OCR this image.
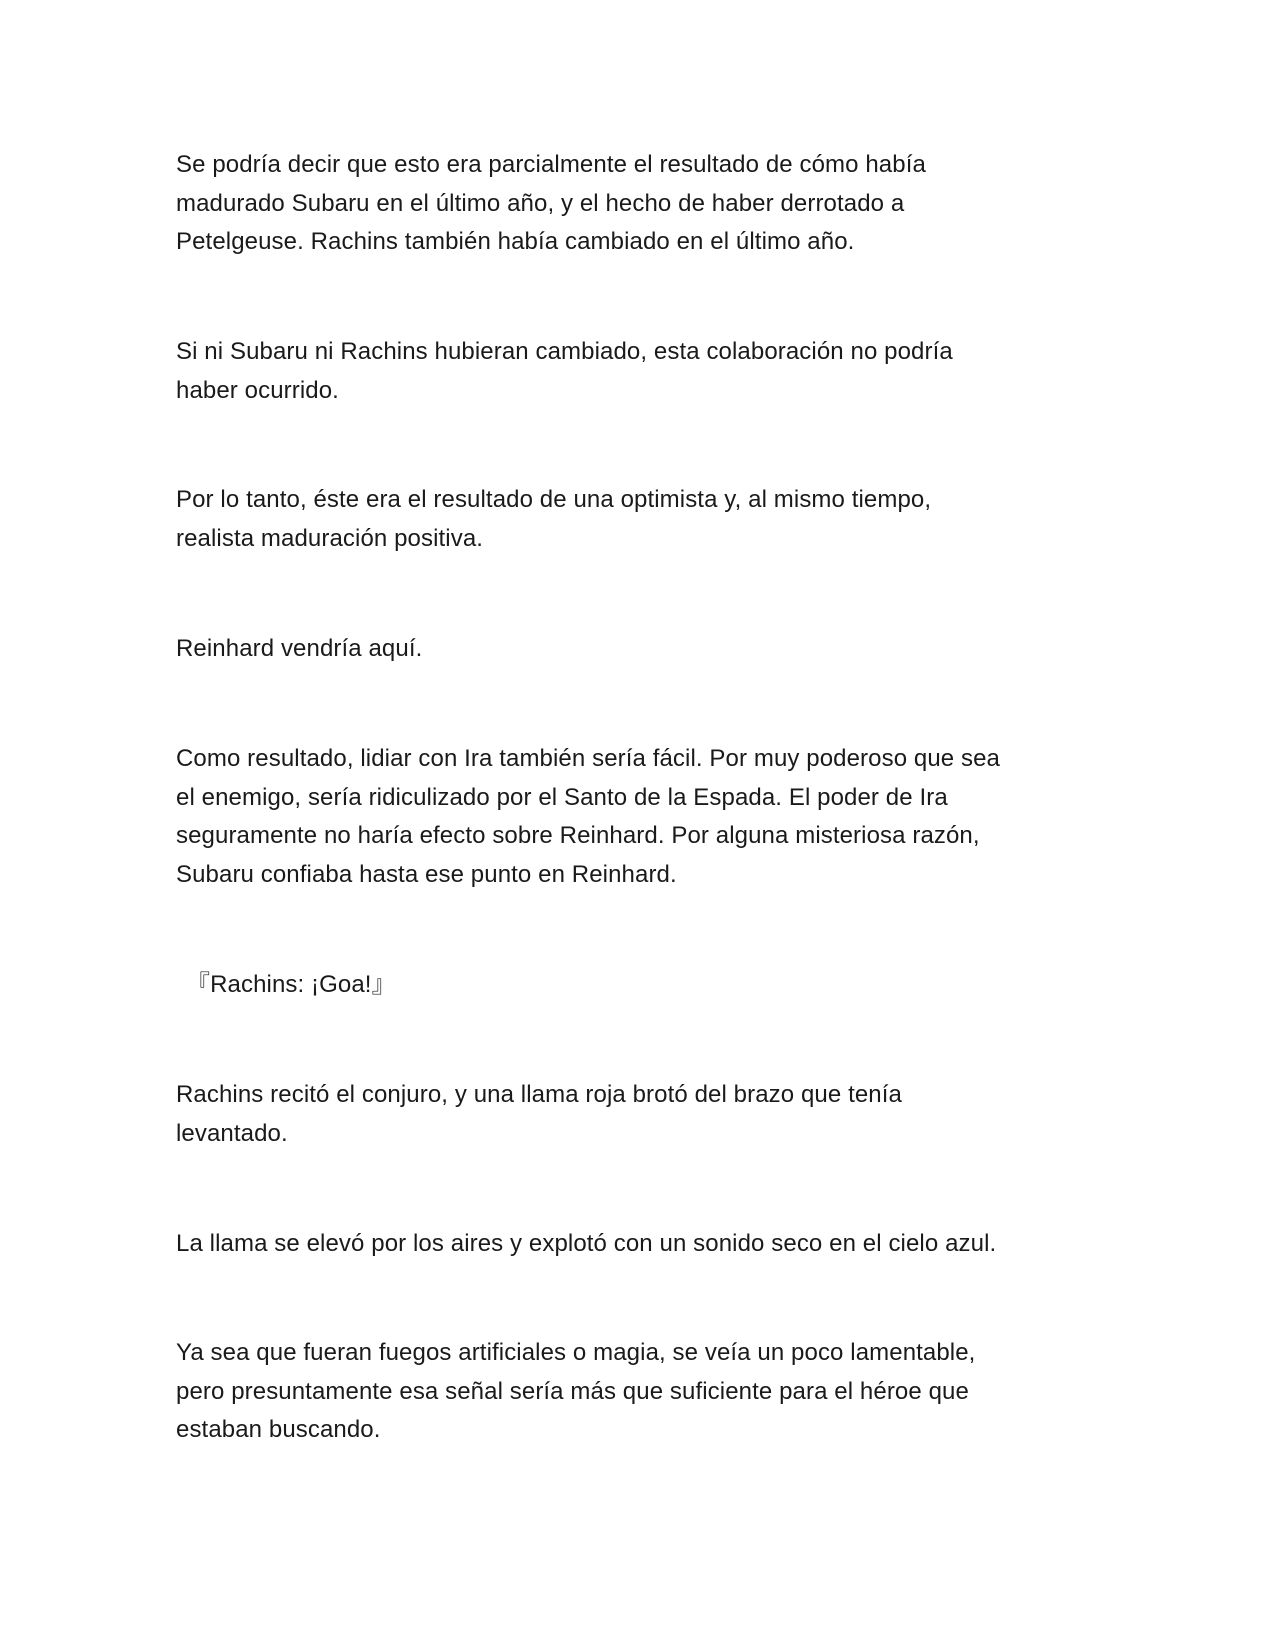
Se podría decir que esto era parcialmente el resultado de cómo había
madurado Subaru en el último año, y el hecho de haber derrotado a
Petelgeuse. Rachins también había cambiado en el último año.

Si ni Subaru ni Rachins hubieran cambiado, esta colaboración no podría
haber ocurrido.

Por lo tanto, éste era el resultado de una optimista y, al mismo tiempo,
realista maduración positiva.

Reinhard vendría aquí.

Como resultado, lidiar con Ira también sería fácil. Por muy poderoso que sea
el enemigo, sería ridiculizado por el Santo de la Espada. El poder de Ira
seguramente no haría efecto sobre Reinhard. Por alguna misteriosa razón,
Subaru confiaba hasta ese punto en Reinhard.

『Rachins: ¡Goa!』

Rachins recitó el conjuro, y una llama roja brotó del brazo que tenía
levantado.

La llama se elevó por los aires y explotó con un sonido seco en el cielo azul.

Ya sea que fueran fuegos artificiales o magia, se veía un poco lamentable,
pero presuntamente esa señal sería más que suficiente para el héroe que
estaban buscando.
